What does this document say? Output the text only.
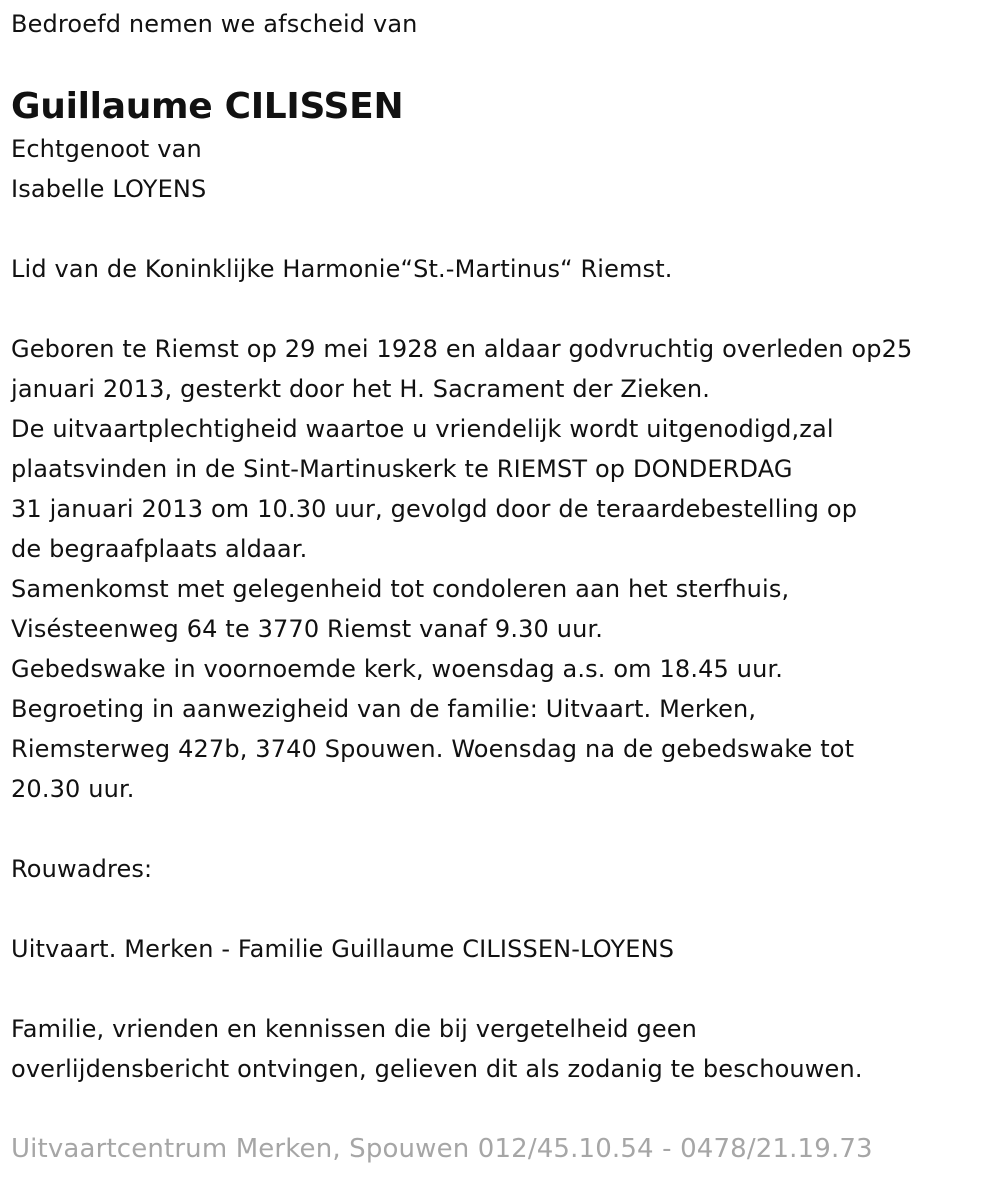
Bedroefd nemen we afscheid van
Guillaume CILISSEN
Echtgenoot van
Isabelle LOYENS
Lid van de Koninklijke Harmonie“St.-Martinus“ Riemst.
Geboren te Riemst op 29 mei 1928 en aldaar godvruchtig overleden op25
januari 2013, gesterkt door het H. Sacrament der Zieken.
De uitvaartplechtigheid waartoe u vriendelijk wordt uitgenodigd,zal
plaatsvinden in de Sint-Martinuskerk te RIEMST op DONDERDAG
31 januari 2013 om 10.30 uur, gevolgd door de teraardebestelling op
de begraafplaats aldaar.
Samenkomst met gelegenheid tot condoleren aan het sterfhuis,
Visésteenweg 64 te 3770 Riemst vanaf 9.30 uur.
Gebedswake in voornoemde kerk, woensdag a.s. om 18.45 uur.
Begroeting in aanwezigheid van de familie: Uitvaart. Merken,
Riemsterweg 427b, 3740 Spouwen. Woensdag na de gebedswake tot
20.30 uur.
Rouwadres:
Uitvaart. Merken - Familie Guillaume CILISSEN-LOYENS
Familie, vrienden en kennissen die bij vergetelheid geen
overlijdensbericht ontvingen, gelieven dit als zodanig te beschouwen.
Uitvaartcentrum Merken, Spouwen 012/45.10.54 - 0478/21.19.73
